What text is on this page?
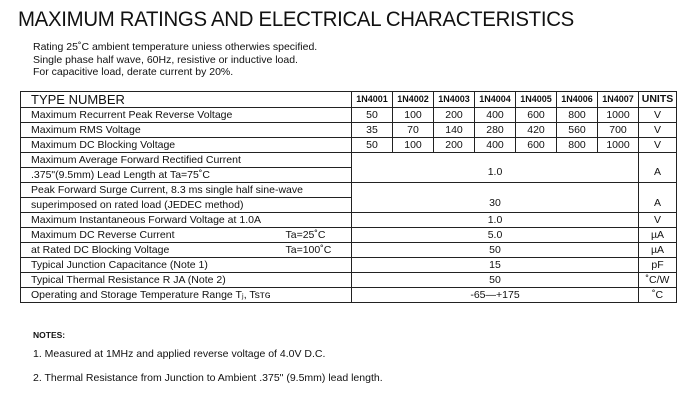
MAXIMUM RATINGS AND ELECTRICAL CHARACTERISTICS
Rating 25˚C ambient temperature uniess otherwies specified.
Single phase half wave, 60Hz, resistive or inductive load.
For capacitive load, derate current by 20%.
TYPE NUMBER	1N4001	1N4002	1N4003	1N4004	1N4005	1N4006	1N4007	UNITS
Maximum Recurrent Peak Reverse Voltage	50	100	200	400	600	800	1000	V
Maximum RMS Voltage	35	70	140	280	420	560	700	V
Maximum DC Blocking Voltage	50	100	200	400	600	800	1000	V
Maximum Average Forward Rectified Current	1.0							A
.375"(9.5mm) Lead Length at Ta=75˚C								
Peak Forward Surge Current, 8.3 ms single half sine-wave	30							A
superimposed on rated load (JEDEC method)								
Maximum Instantaneous Forward Voltage at 1.0A	1.0							V
Maximum DC Reverse Current Ta=25˚C	5.0							µA
at Rated DC Blocking Voltage Ta=100˚C	50							µA
Typical Junction Capacitance (Note 1)	15							pF
Typical Thermal Resistance R JA (Note 2)	50							˚C/W
Operating and Storage Temperature Range Tⱼ, Tsᴛɢ	-65—+175							˚C
NOTES:
1. Measured at 1MHz and applied reverse voltage of 4.0V D.C.
2. Thermal Resistance from Junction to Ambient .375" (9.5mm) lead length.
